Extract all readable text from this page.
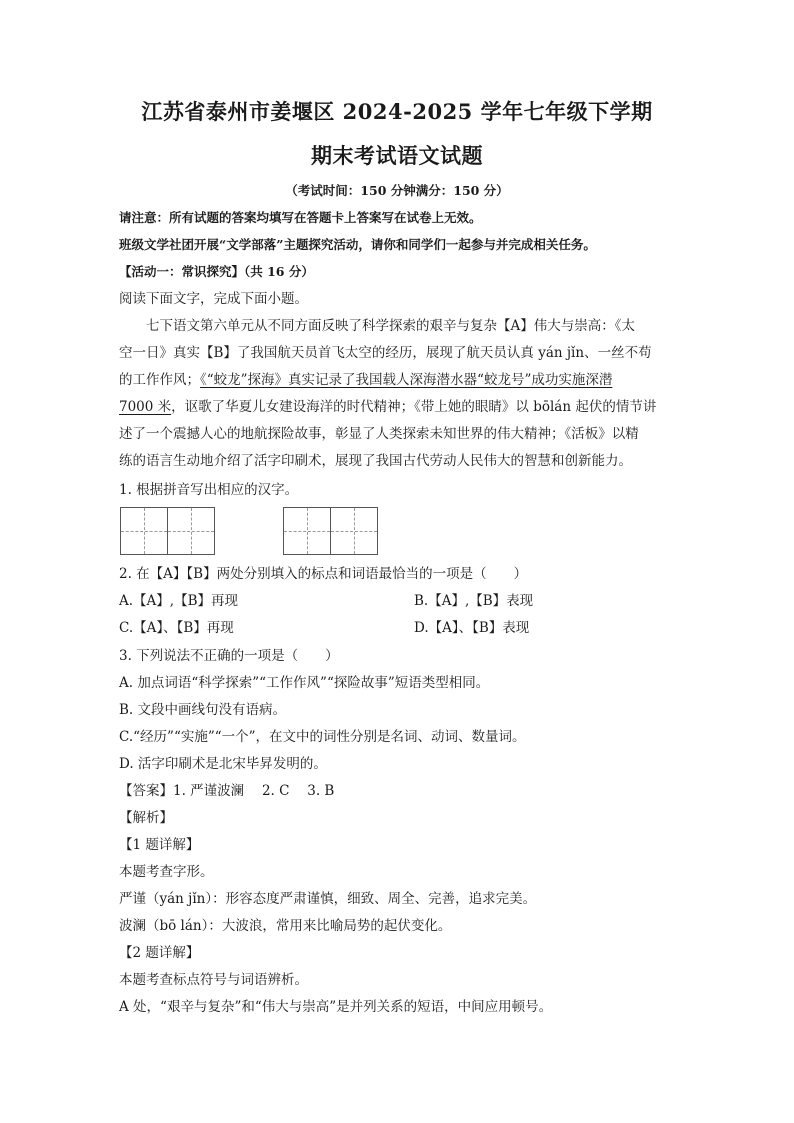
江苏省泰州市姜堰区 2024-2025 学年七年级下学期
期末考试语文试题
（考试时间：150 分钟满分：150 分）
请注意：所有试题的答案均填写在答题卡上答案写在试卷上无效。
班级文学社团开展“文学部落”主题探究活动，请你和同学们一起参与并完成相关任务。
【活动一：常识探究】（共 16 分）
阅读下面文字，完成下面小题。
七下语文第六单元从不同方面反映了科学探索的艰辛与复杂【A】伟大与崇高：《太
空一日》真实【B】了我国航天员首飞太空的经历，展现了航天员认真 yán jǐn、一丝不苟
的工作作风；《“蛟龙”探海》真实记录了我国载人深海潜水器“蛟龙号”成功实施深潜
7000 米，讴歌了华夏儿女建设海洋的时代精神；《带上她的眼睛》以 bōlán 起伏的情节讲
述了一个震撼人心的地航探险故事，彰显了人类探索未知世界的伟大精神；《活板》以精
练的语言生动地介绍了活字印刷术，展现了我国古代劳动人民伟大的智慧和创新能力。
1. 根据拼音写出相应的汉字。
2. 在【A】【B】两处分别填入的标点和词语最恰当的一项是（　　）
A.【A】,【B】再现	B.【A】,【B】表现
C.【A】、【B】再现	D.【A】、【B】表现
3. 下列说法不正确的一项是（　　）
A. 加点词语“科学探索”“工作作风”“探险故事”短语类型相同。
B. 文段中画线句没有语病。
C.“经历”“实施”“一个”，在文中的词性分别是名词、动词、数量词。
D. 活字印刷术是北宋毕昇发明的。
【答案】1. 严谨波澜　 2. C　 3. B
【解析】
【1 题详解】
本题考查字形。
严谨（yán jǐn）：形容态度严肃谨慎，细致、周全、完善，追求完美。
波澜（bō lán）：大波浪，常用来比喻局势的起伏变化。
【2 题详解】
本题考查标点符号与词语辨析。
A 处，“艰辛与复杂”和“伟大与崇高”是并列关系的短语，中间应用顿号。
